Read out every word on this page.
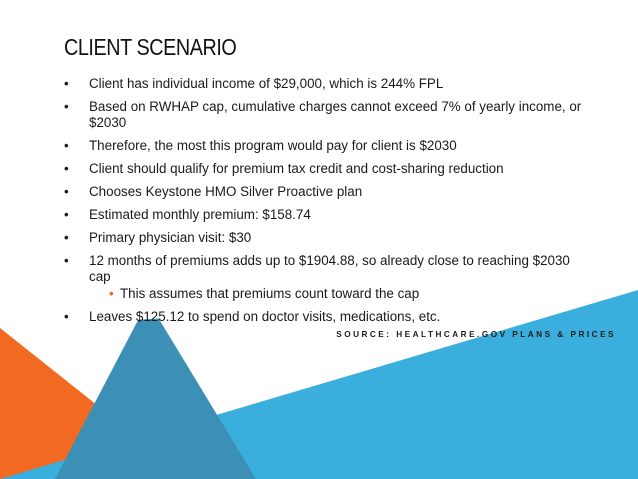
CLIENT SCENARIO
• Client has individual income of $29,000, which is 244% FPL
• Based on RWHAP cap, cumulative charges cannot exceed 7% of yearly income, or $2030
• Therefore, the most this program would pay for client is $2030
• Client should qualify for premium tax credit and cost-sharing reduction
• Chooses Keystone HMO Silver Proactive plan
• Estimated monthly premium: $158.74
• Primary physician visit: $30
• 12 months of premiums adds up to $1904.88, so already close to reaching $2030 cap
• This assumes that premiums count toward the cap
• Leaves $125.12 to spend on doctor visits, medications, etc.
SOURCE: HEALTHCARE.GOV PLANS & PRICES
